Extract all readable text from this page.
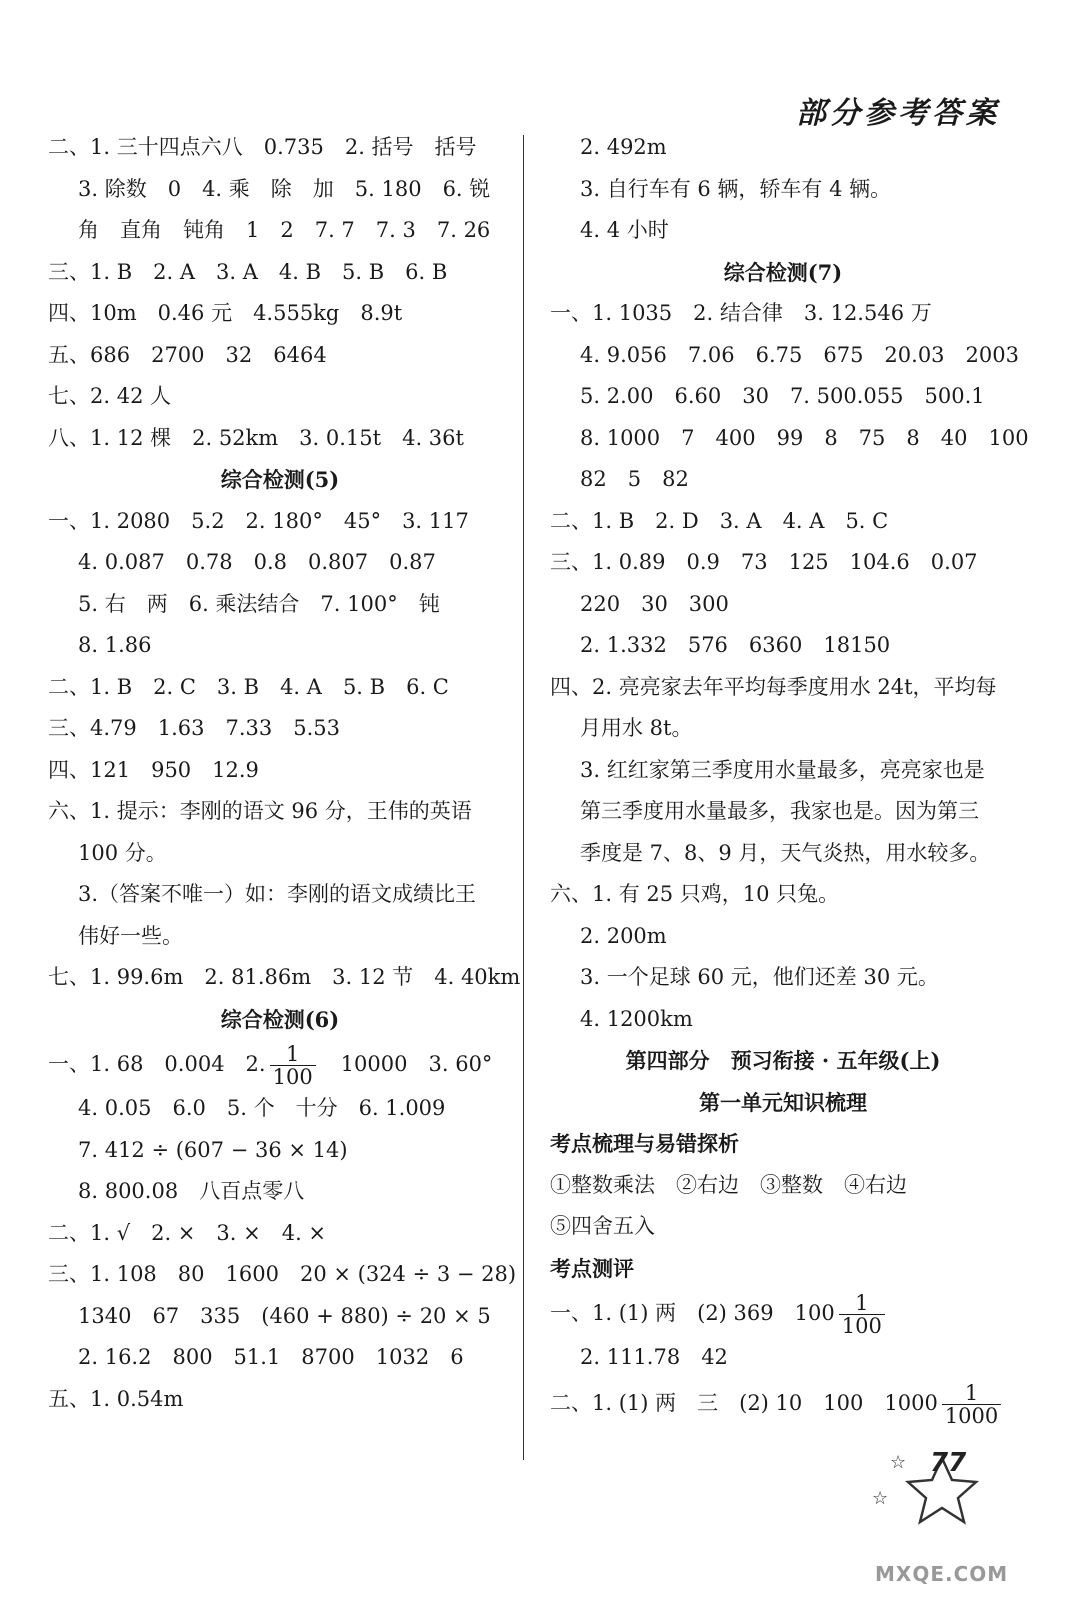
部分参考答案
二、1. 三十四点六八　0.735　2. 括号　括号
3. 除数　0　4. 乘　除　加　5. 180　6. 锐
角　直角　钝角　1　2　7. 7　7. 3　7. 26
三、1. B　2. A　3. A　4. B　5. B　6. B
四、10m　0.46 元　4.555kg　8.9t
五、686　2700　32　6464
七、2. 42 人
八、1. 12 棵　2. 52km　3. 0.15t　4. 36t
综合检测(5)
一、1. 2080　5.2　2. 180°　45°　3. 117
4. 0.087　0.78　0.8　0.807　0.87
5. 右　两　6. 乘法结合　7. 100°　钝
8. 1.86
二、1. B　2. C　3. B　4. A　5. B　6. C
三、4.79　1.63　7.33　5.53
四、121　950　12.9
六、1. 提示：李刚的语文 96 分，王伟的英语
100 分。
3.（答案不唯一）如：李刚的语文成绩比王
伟好一些。
七、1. 99.6m　2. 81.86m　3. 12 节　4. 40km
综合检测(6)
一、1. 68　0.004　2. $\frac{1}{100}$ 　10000　3. 60°
4. 0.05　6.0　5. 个　十分　6. 1.009
7. 412 ÷ (607 − 36 × 14)
8. 800.08　八百点零八
二、1. √　2. ×　3. ×　4. ×
三、1. 108　80　1600　20 × (324 ÷ 3 − 28)
1340　67　335　(460 + 880) ÷ 20 × 5
2. 16.2　800　51.1　8700　1032　6
五、1. 0.54m
2. 492m
3. 自行车有 6 辆，轿车有 4 辆。
4. 4 小时
综合检测(7)
一、1. 1035　2. 结合律　3. 12.546 万
4. 9.056　7.06　6.75　675　20.03　2003
5. 2.00　6.60　30　7. 500.055　500.1
8. 1000　7　400　99　8　75　8　40　100
82　5　82
二、1. B　2. D　3. A　4. A　5. C
三、1. 0.89　0.9　73　125　104.6　0.07
220　30　300
2. 1.332　576　6360　18150
四、2. 亮亮家去年平均每季度用水 24t，平均每
月用水 8t。
3. 红红家第三季度用水量最多，亮亮家也是
第三季度用水量最多，我家也是。因为第三
季度是 7、8、9 月，天气炎热，用水较多。
六、1. 有 25 只鸡，10 只兔。
2. 200m
3. 一个足球 60 元，他们还差 30 元。
4. 1200km
第四部分　预习衔接 · 五年级(上)
第一单元知识梳理
考点梳理与易错探析
①整数乘法　②右边　③整数　④右边
⑤四舍五入
考点测评
一、1. (1) 两　(2) 369　$100 \frac{1}{100}$
2. 111.78　42
二、1. (1) 两　三　(2) 10　100　$1000 \frac{1}{1000}$
☆
☆
77
MXQE.COM
